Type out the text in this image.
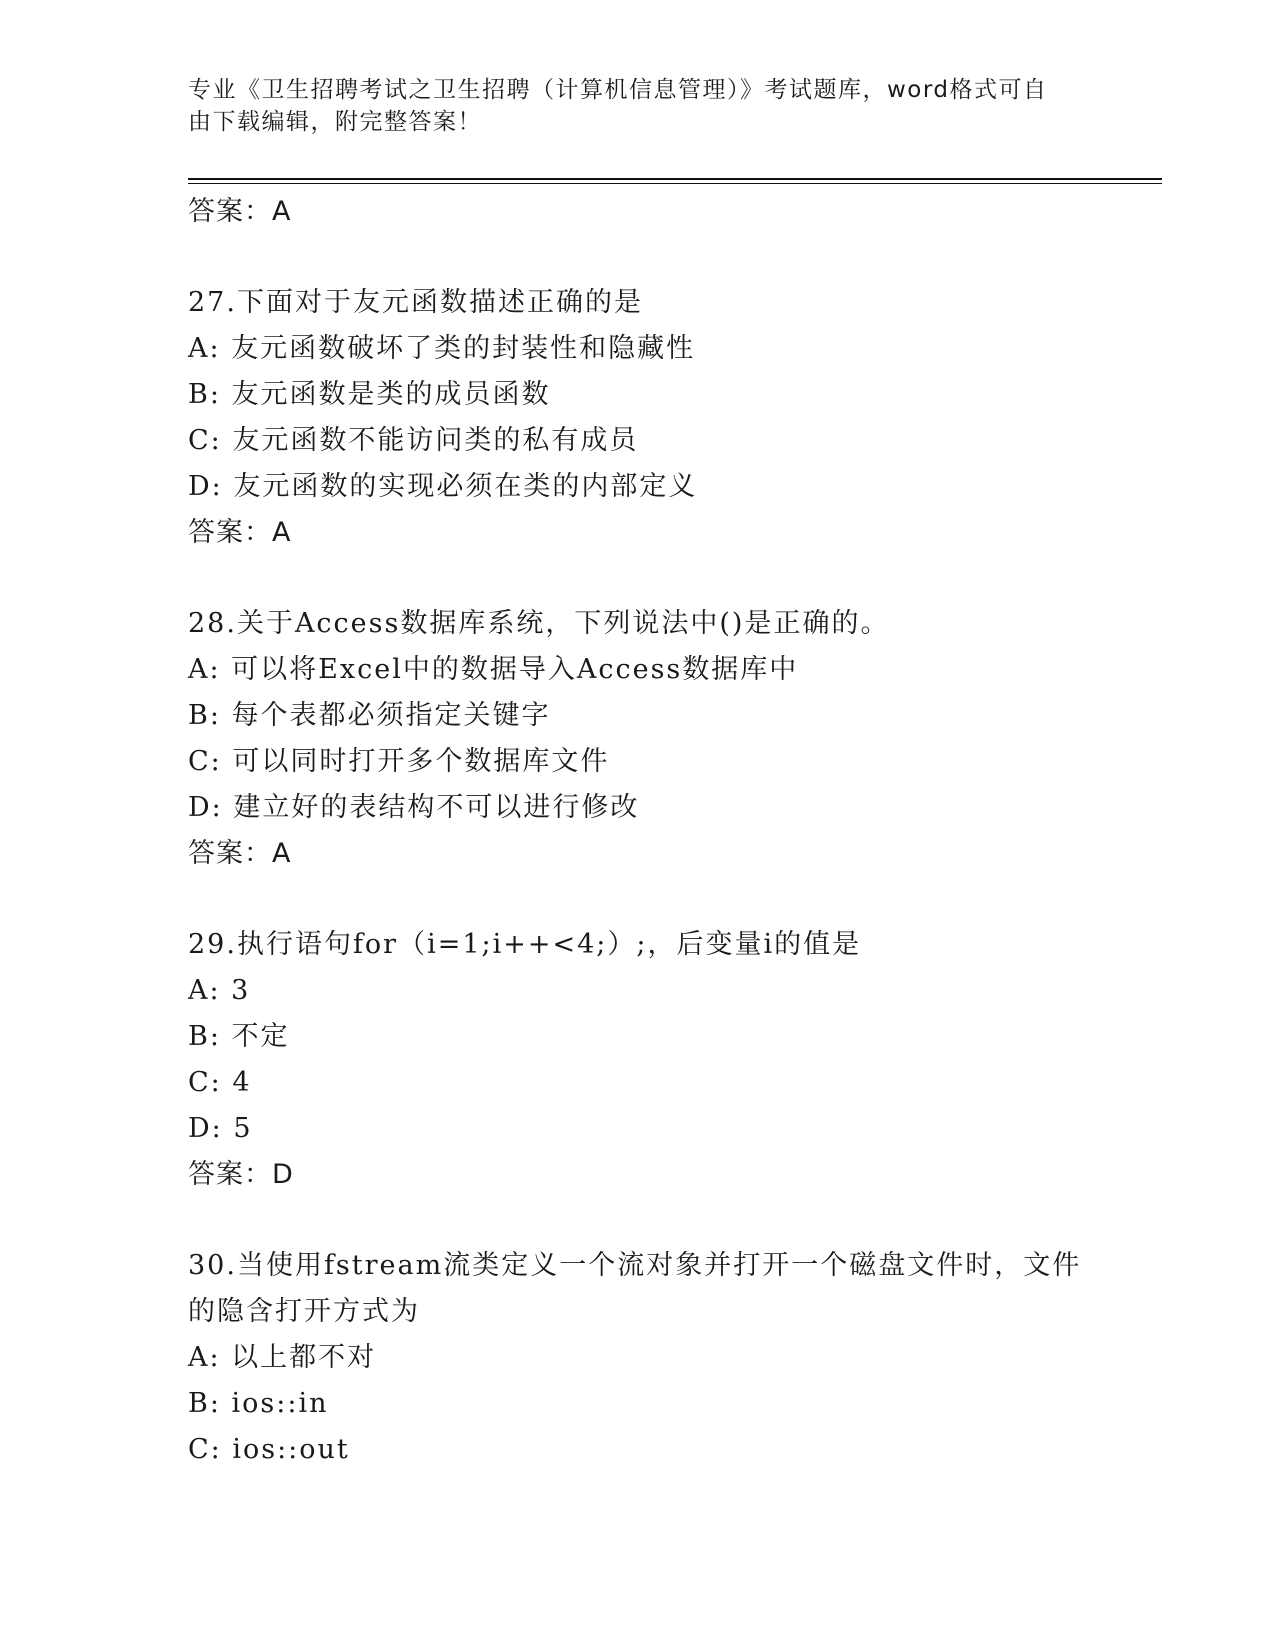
专业《卫生招聘考试之卫生招聘（计算机信息管理）》考试题库，word格式可自
由下载编辑，附完整答案！
答案：A
27.下面对于友元函数描述正确的是
A: 友元函数破坏了类的封装性和隐藏性
B: 友元函数是类的成员函数
C: 友元函数不能访问类的私有成员
D: 友元函数的实现必须在类的内部定义
答案：A
28.关于Access数据库系统，下列说法中()是正确的。
A: 可以将Excel中的数据导入Access数据库中
B: 每个表都必须指定关键字
C: 可以同时打开多个数据库文件
D: 建立好的表结构不可以进行修改
答案：A
29.执行语句for（i=1;i++<4;）;，后变量i的值是
A: 3
B: 不定
C: 4
D: 5
答案：D
30.当使用fstream流类定义一个流对象并打开一个磁盘文件时，文件
的隐含打开方式为
A: 以上都不对
B: ios::in
C: ios::out
